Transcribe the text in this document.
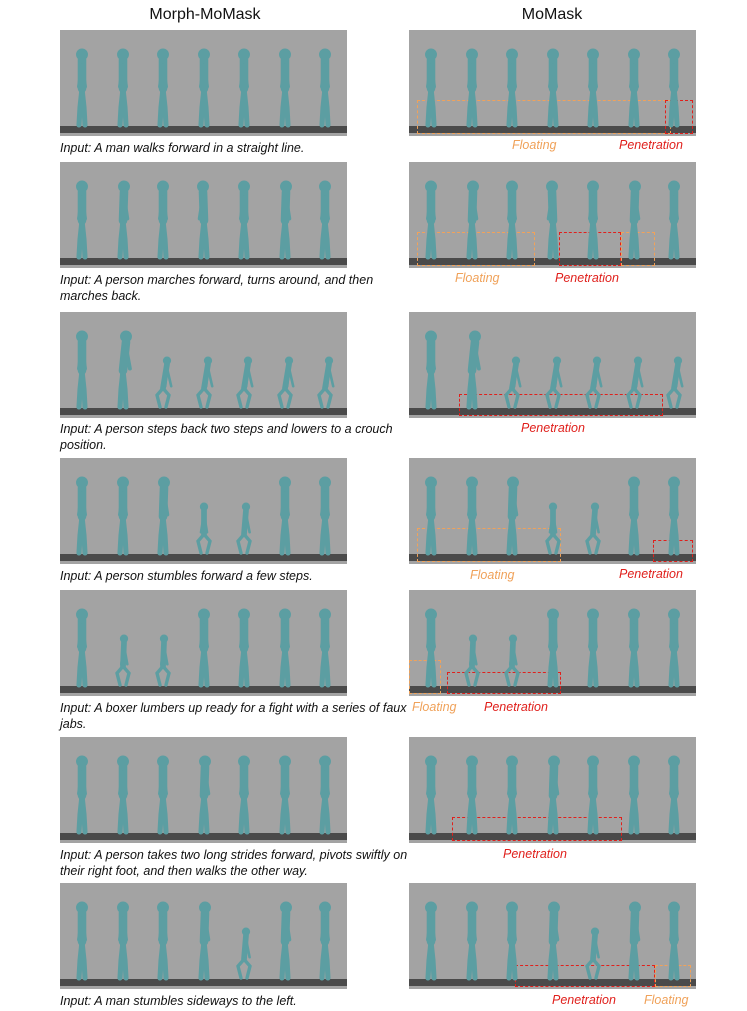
Morph-MoMask	MoMask
Input: A man walks forward in a straight line.	Floating	Penetration
Input: A person marches forward, turns around, and then marches back.
Floating	Penetration
Input: A person steps back two steps and lowers to a crouch position.
Penetration
Input: A person stumbles forward a few steps.	Floating	Penetration
Input: A boxer lumbers up ready for a fight with a series of faux jabs.
Floating Penetration
Input: A person takes two long strides forward, pivots swiftly on their right foot, and then walks the other way.
Penetration
Input: A man stumbles sideways to the left.	Penetration Floating
